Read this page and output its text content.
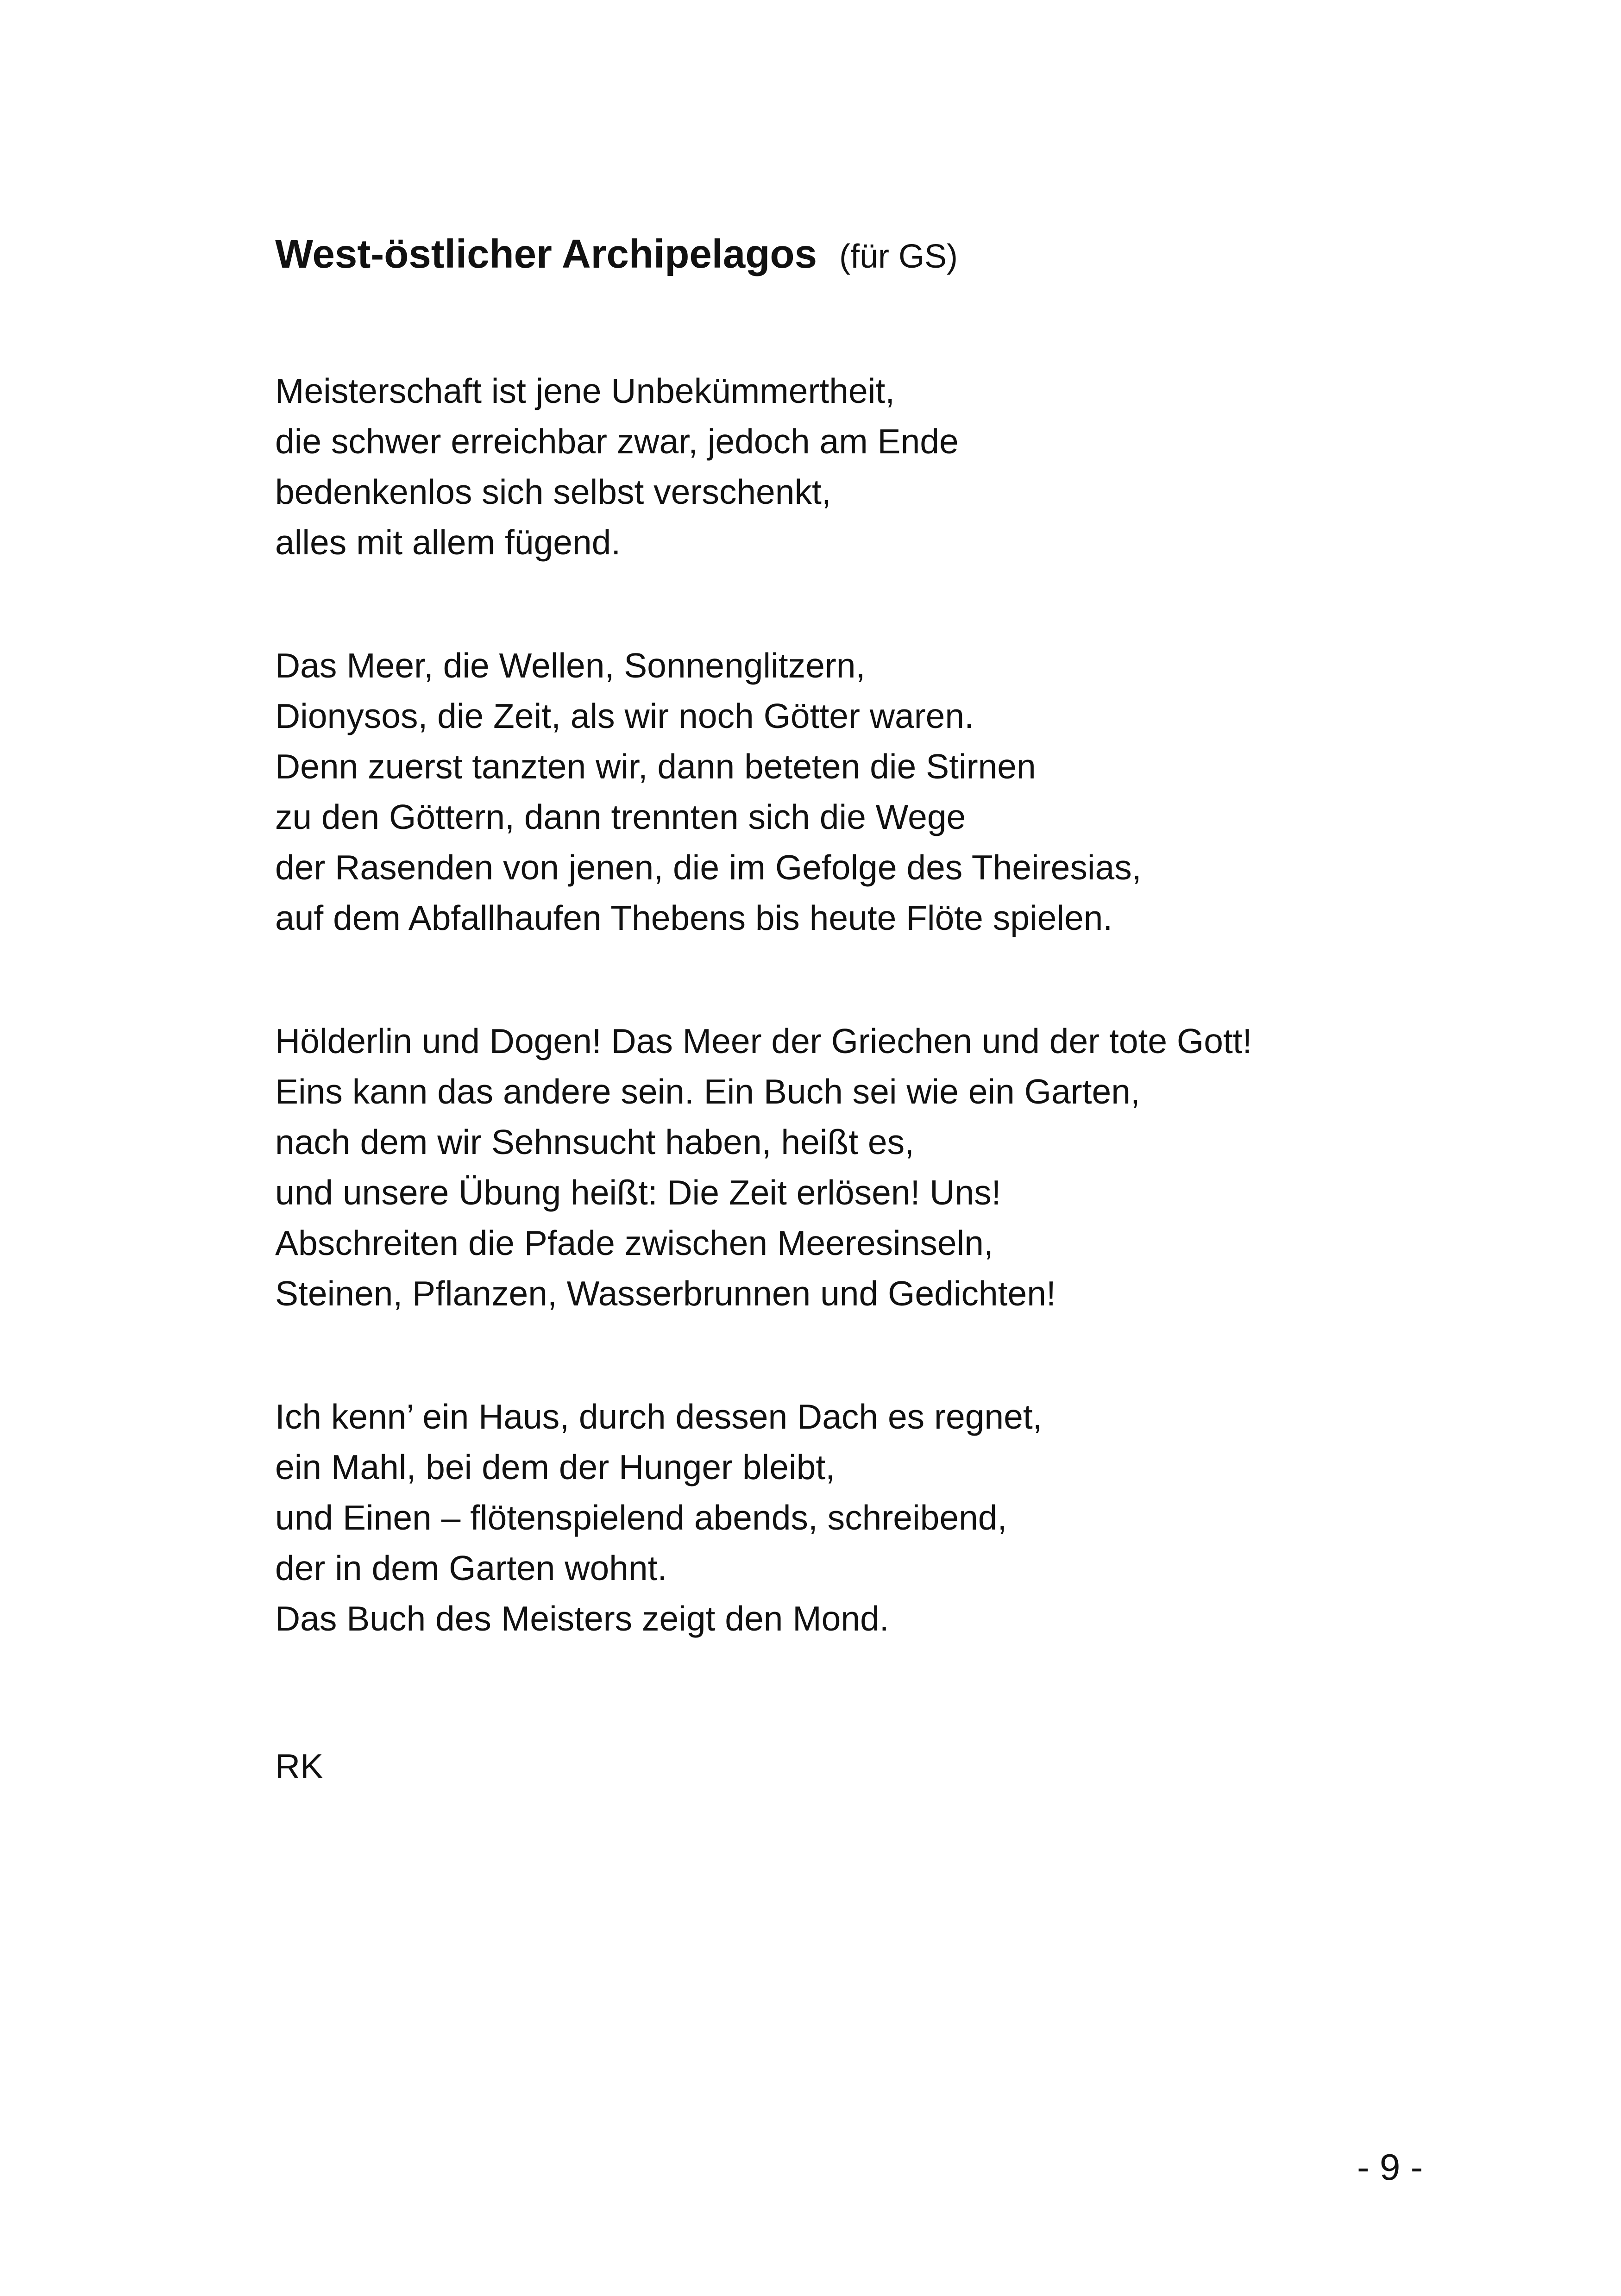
West-östlicher Archipelagos (für GS)
Meisterschaft ist jene Unbekümmertheit,
die schwer erreichbar zwar, jedoch am Ende
bedenkenlos sich selbst verschenkt,
alles mit allem fügend.
Das Meer, die Wellen, Sonnenglitzern,
Dionysos, die Zeit, als wir noch Götter waren.
Denn zuerst tanzten wir, dann beteten die Stirnen
zu den Göttern, dann trennten sich die Wege
der Rasenden von jenen, die im Gefolge des Theiresias,
auf dem Abfallhaufen Thebens bis heute Flöte spielen.
Hölderlin und Dogen! Das Meer der Griechen und der tote Gott!
Eins kann das andere sein. Ein Buch sei wie ein Garten,
nach dem wir Sehnsucht haben, heißt es,
und unsere Übung heißt: Die Zeit erlösen! Uns!
Abschreiten die Pfade zwischen Meeresinseln,
Steinen, Pflanzen, Wasserbrunnen und Gedichten!
Ich kenn’ ein Haus, durch dessen Dach es regnet,
ein Mahl, bei dem der Hunger bleibt,
und Einen – flötenspielend abends, schreibend,
der in dem Garten wohnt.
Das Buch des Meisters zeigt den Mond.
RK
- 9 -
